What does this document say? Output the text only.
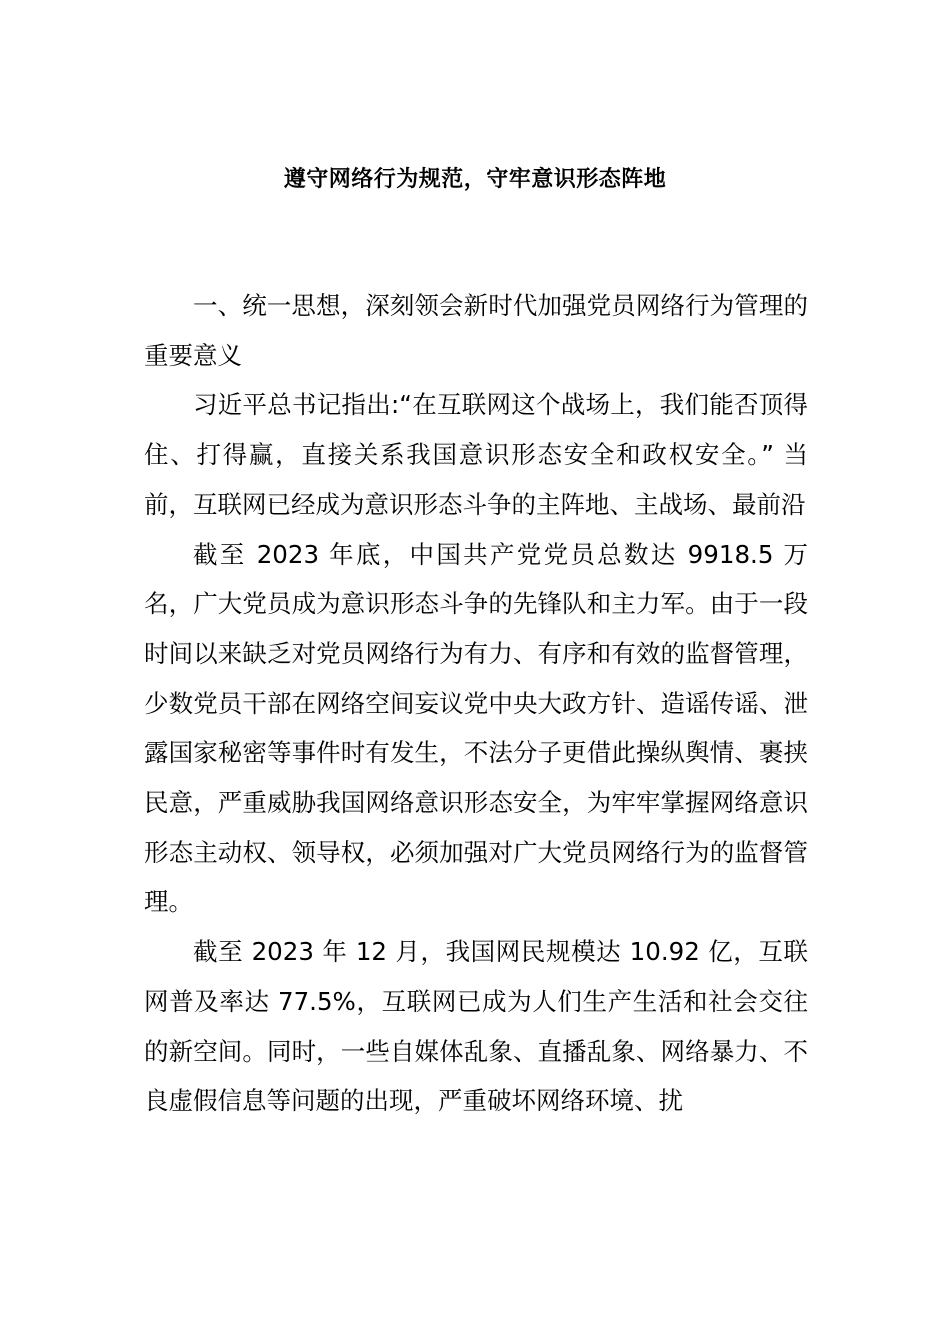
遵守网络行为规范，守牢意识形态阵地

一、统一思想，深刻领会新时代加强党员网络行为管理的重要意义

习近平总书记指出:“在互联网这个战场上，我们能否顶得住、打得赢，直接关系我国意识形态安全和政权安全。” 当前，互联网已经成为意识形态斗争的主阵地、主战场、最前沿

截至 2023 年底，中国共产党党员总数达 9918.5 万名，广大党员成为意识形态斗争的先锋队和主力军。由于一段时间以来缺乏对党员网络行为有力、有序和有效的监督管理，少数党员干部在网络空间妄议党中央大政方针、造谣传谣、泄露国家秘密等事件时有发生，不法分子更借此操纵舆情、裹挟民意，严重威胁我国网络意识形态安全，为牢牢掌握网络意识形态主动权、领导权，必须加强对广大党员网络行为的监督管理。

截至 2023 年 12 月，我国网民规模达 10.92 亿，互联网普及率达 77.5%，互联网已成为人们生产生活和社会交往的新空间。同时，一些自媒体乱象、直播乱象、网络暴力、不良虚假信息等问题的出现，严重破坏网络环境、扰
